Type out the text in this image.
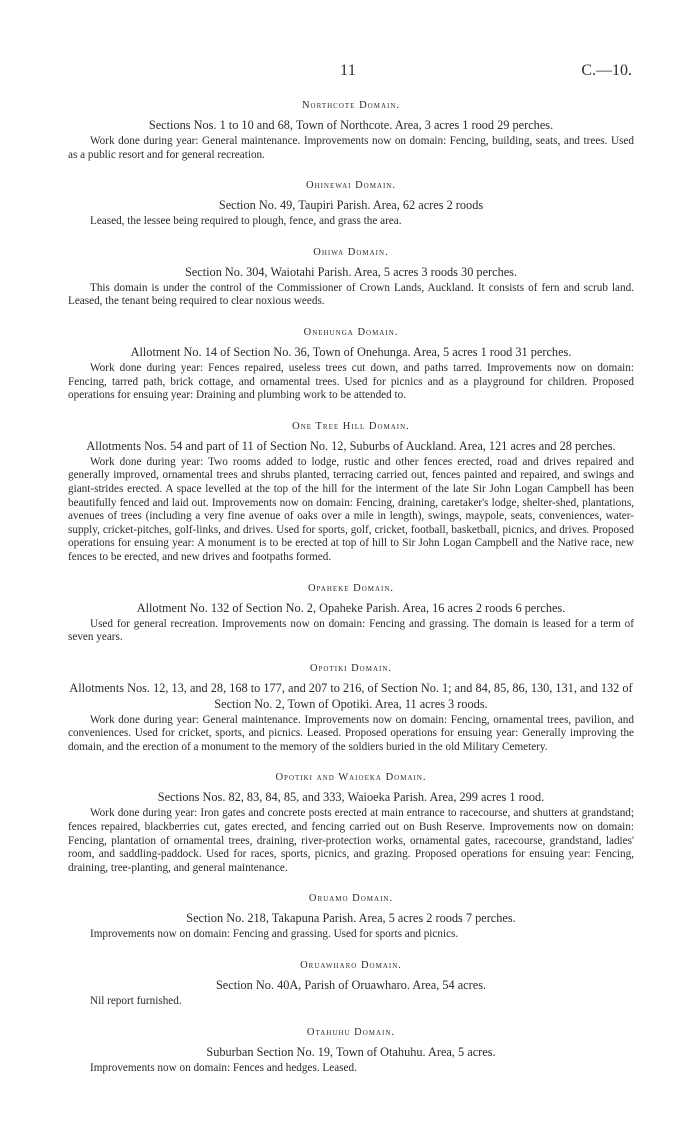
11	C.—10.
Northcote Domain.

Sections Nos. 1 to 10 and 68, Town of Northcote. Area, 3 acres 1 rood 29 perches.

Work done during year: General maintenance. Improvements now on domain: Fencing, building, seats, and trees. Used as a public resort and for general recreation.

Ohinewai Domain.

Section No. 49, Taupiri Parish. Area, 62 acres 2 roods

Leased, the lessee being required to plough, fence, and grass the area.

Ohiwa Domain.

Section No. 304, Waiotahi Parish. Area, 5 acres 3 roods 30 perches.

This domain is under the control of the Commissioner of Crown Lands, Auckland. It consists of fern and scrub land. Leased, the tenant being required to clear noxious weeds.

Onehunga Domain.

Allotment No. 14 of Section No. 36, Town of Onehunga. Area, 5 acres 1 rood 31 perches.

Work done during year: Fences repaired, useless trees cut down, and paths tarred. Improvements now on domain: Fencing, tarred path, brick cottage, and ornamental trees. Used for picnics and as a playground for children. Proposed operations for ensuing year: Draining and plumbing work to be attended to.

One Tree Hill Domain.

Allotments Nos. 54 and part of 11 of Section No. 12, Suburbs of Auckland. Area, 121 acres and 28 perches.

Work done during year: Two rooms added to lodge, rustic and other fences erected, road and drives repaired and generally improved, ornamental trees and shrubs planted, terracing carried out, fences painted and repaired, and swings and giant-strides erected. A space levelled at the top of the hill for the interment of the late Sir John Logan Campbell has been beautifully fenced and laid out. Improvements now on domain: Fencing, draining, caretaker's lodge, shelter-shed, plantations, avenues of trees (including a very fine avenue of oaks over a mile in length), swings, maypole, seats, conveniences, water-supply, cricket-pitches, golf-links, and drives. Used for sports, golf, cricket, football, basketball, picnics, and drives. Proposed operations for ensuing year: A monument is to be erected at top of hill to Sir John Logan Campbell and the Native race, new fences to be erected, and new drives and footpaths formed.

Opaheke Domain.

Allotment No. 132 of Section No. 2, Opaheke Parish. Area, 16 acres 2 roods 6 perches.

Used for general recreation. Improvements now on domain: Fencing and grassing. The domain is leased for a term of seven years.

Opotiki Domain.

Allotments Nos. 12, 13, and 28, 168 to 177, and 207 to 216, of Section No. 1; and 84, 85, 86, 130, 131, and 132 of Section No. 2, Town of Opotiki. Area, 11 acres 3 roods.

Work done during year: General maintenance. Improvements now on domain: Fencing, ornamental trees, pavilion, and conveniences. Used for cricket, sports, and picnics. Leased. Proposed operations for ensuing year: Generally improving the domain, and the erection of a monument to the memory of the soldiers buried in the old Military Cemetery.

Opotiki and Waioeka Domain.

Sections Nos. 82, 83, 84, 85, and 333, Waioeka Parish. Area, 299 acres 1 rood.

Work done during year: Iron gates and concrete posts erected at main entrance to racecourse, and shutters at grandstand; fences repaired, blackberries cut, gates erected, and fencing carried out on Bush Reserve. Improvements now on domain: Fencing, plantation of ornamental trees, draining, river-protection works, ornamental gates, racecourse, grandstand, ladies' room, and saddling-paddock. Used for races, sports, picnics, and grazing. Proposed operations for ensuing year: Fencing, draining, tree-planting, and general maintenance.

Oruamo Domain.

Section No. 218, Takapuna Parish. Area, 5 acres 2 roods 7 perches.

Improvements now on domain: Fencing and grassing. Used for sports and picnics.

Oruawharo Domain.

Section No. 40A, Parish of Oruawharo. Area, 54 acres.

Nil report furnished.

Otahuhu Domain.

Suburban Section No. 19, Town of Otahuhu. Area, 5 acres.

Improvements now on domain: Fences and hedges. Leased.
